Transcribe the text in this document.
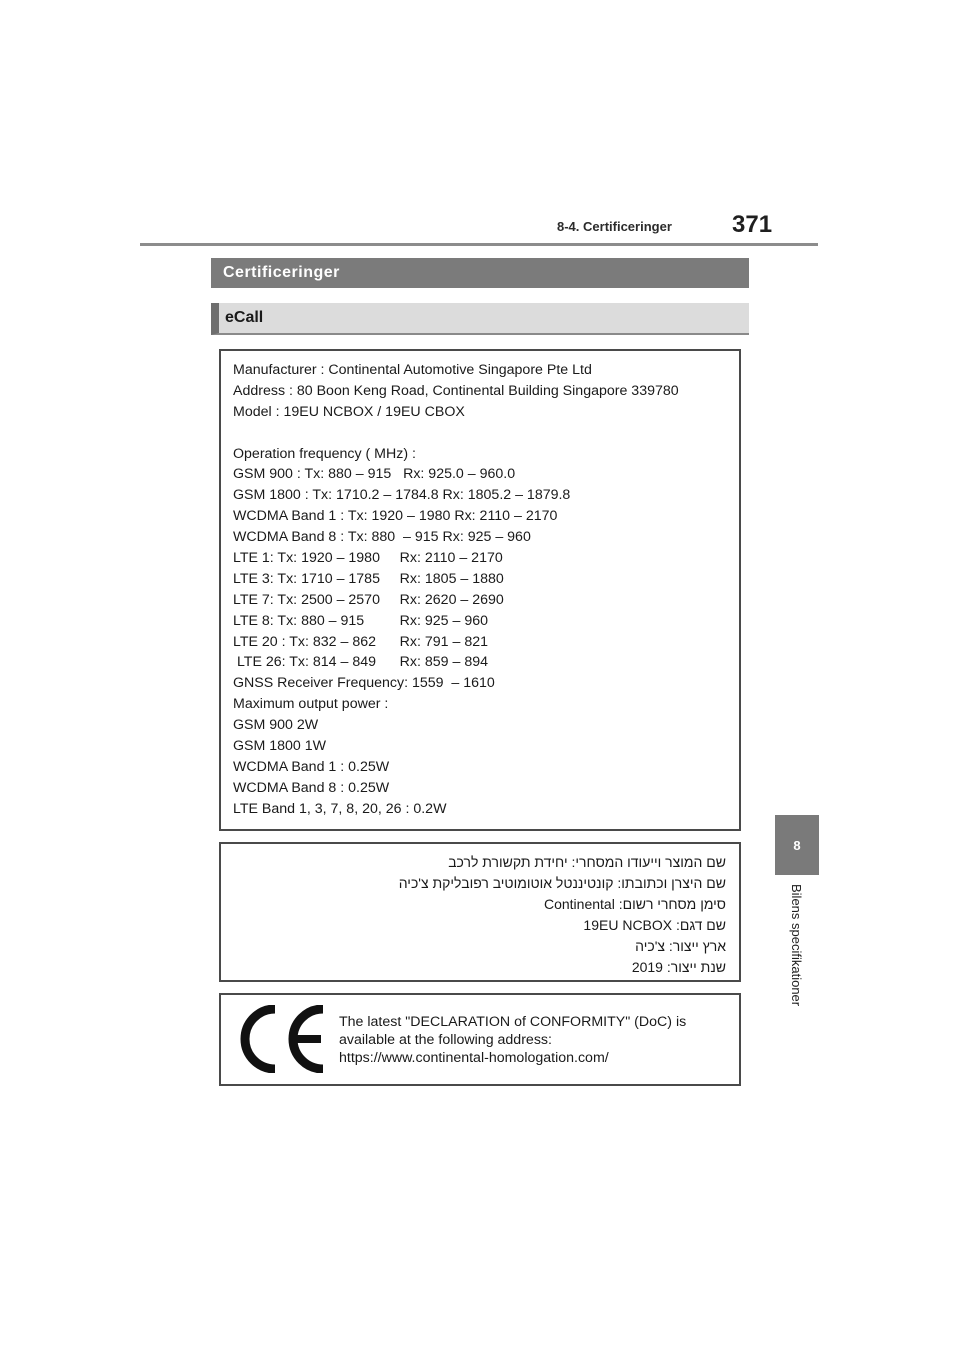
8-4. Certificeringer	371
8
Bilens specifikationer
Certificeringer
eCall
Manufacturer : Continental Automotive Singapore Pte Ltd
Address : 80 Boon Keng Road, Continental Building Singapore 339780
Model : 19EU NCBOX / 19EU CBOX
Operation frequency ( MHz) :
GSM 900 : Tx: 880 – 915   Rx: 925.0 – 960.0
GSM 1800 : Tx: 1710.2 – 1784.8 Rx: 1805.2 – 1879.8
WCDMA Band 1 : Tx: 1920 – 1980 Rx: 2110 – 2170
WCDMA Band 8 : Tx: 880  – 915 Rx: 925 – 960
LTE 1: Tx: 1920 – 1980     Rx: 2110 – 2170
LTE 3: Tx: 1710 – 1785     Rx: 1805 – 1880
LTE 7: Tx: 2500 – 2570     Rx: 2620 – 2690
LTE 8: Tx: 880 – 915         Rx: 925 – 960
LTE 20 : Tx: 832 – 862      Rx: 791 – 821
LTE 26: Tx: 814 – 849      Rx: 859 – 894
GNSS Receiver Frequency: 1559  – 1610
Maximum output power :
GSM 900 2W
GSM 1800 1W
WCDMA Band 1 : 0.25W
WCDMA Band 8 : 0.25W
LTE Band 1, 3, 7, 8, 20, 26 : 0.2W
שם המוצר וייעודו המסחרי: יחידת תקשורת לרכב
שם היצרן וכתובתו: קונטיננטל אוטומוטיב רפובליקת צ'כיה
סימן מסחרי רשום: Continental
שם דגם: 19EU NCBOX
ארץ ייצור: צ'כיה
שנת ייצור: 2019
The latest "DECLARATION of CONFORMITY" (DoC) is
available at the following address:
https://www.continental-homologation.com/
